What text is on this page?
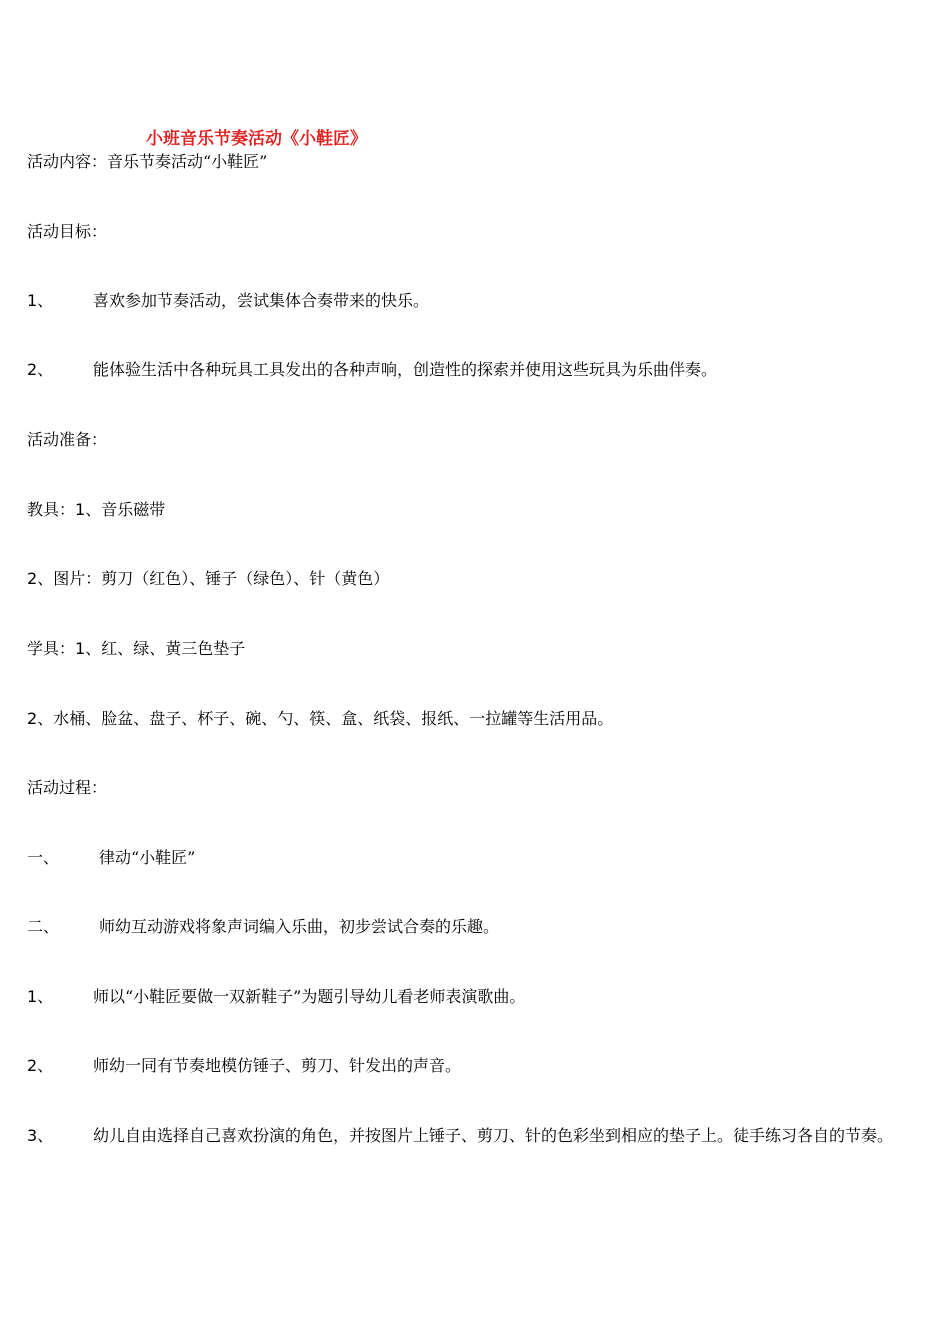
小班音乐节奏活动《小鞋匠》
活动内容：音乐节奏活动“小鞋匠”
活动目标：
1、 喜欢参加节奏活动，尝试集体合奏带来的快乐。
2、 能体验生活中各种玩具工具发出的各种声响，创造性的探索并使用这些玩具为乐曲伴奏。
活动准备：
教具：1、音乐磁带
2、图片：剪刀（红色）、锤子（绿色）、针（黄色）
学具：1、红、绿、黄三色垫子
2、水桶、脸盆、盘子、杯子、碗、勺、筷、盒、纸袋、报纸、一拉罐等生活用品。
活动过程：
一、 律动“小鞋匠”
二、 师幼互动游戏将象声词编入乐曲，初步尝试合奏的乐趣。
1、 师以“小鞋匠要做一双新鞋子”为题引导幼儿看老师表演歌曲。
2、 师幼一同有节奏地模仿锤子、剪刀、针发出的声音。
3、 幼儿自由选择自己喜欢扮演的角色，并按图片上锤子、剪刀、针的色彩坐到相应的垫子上。徒手练习各自的节奏。
